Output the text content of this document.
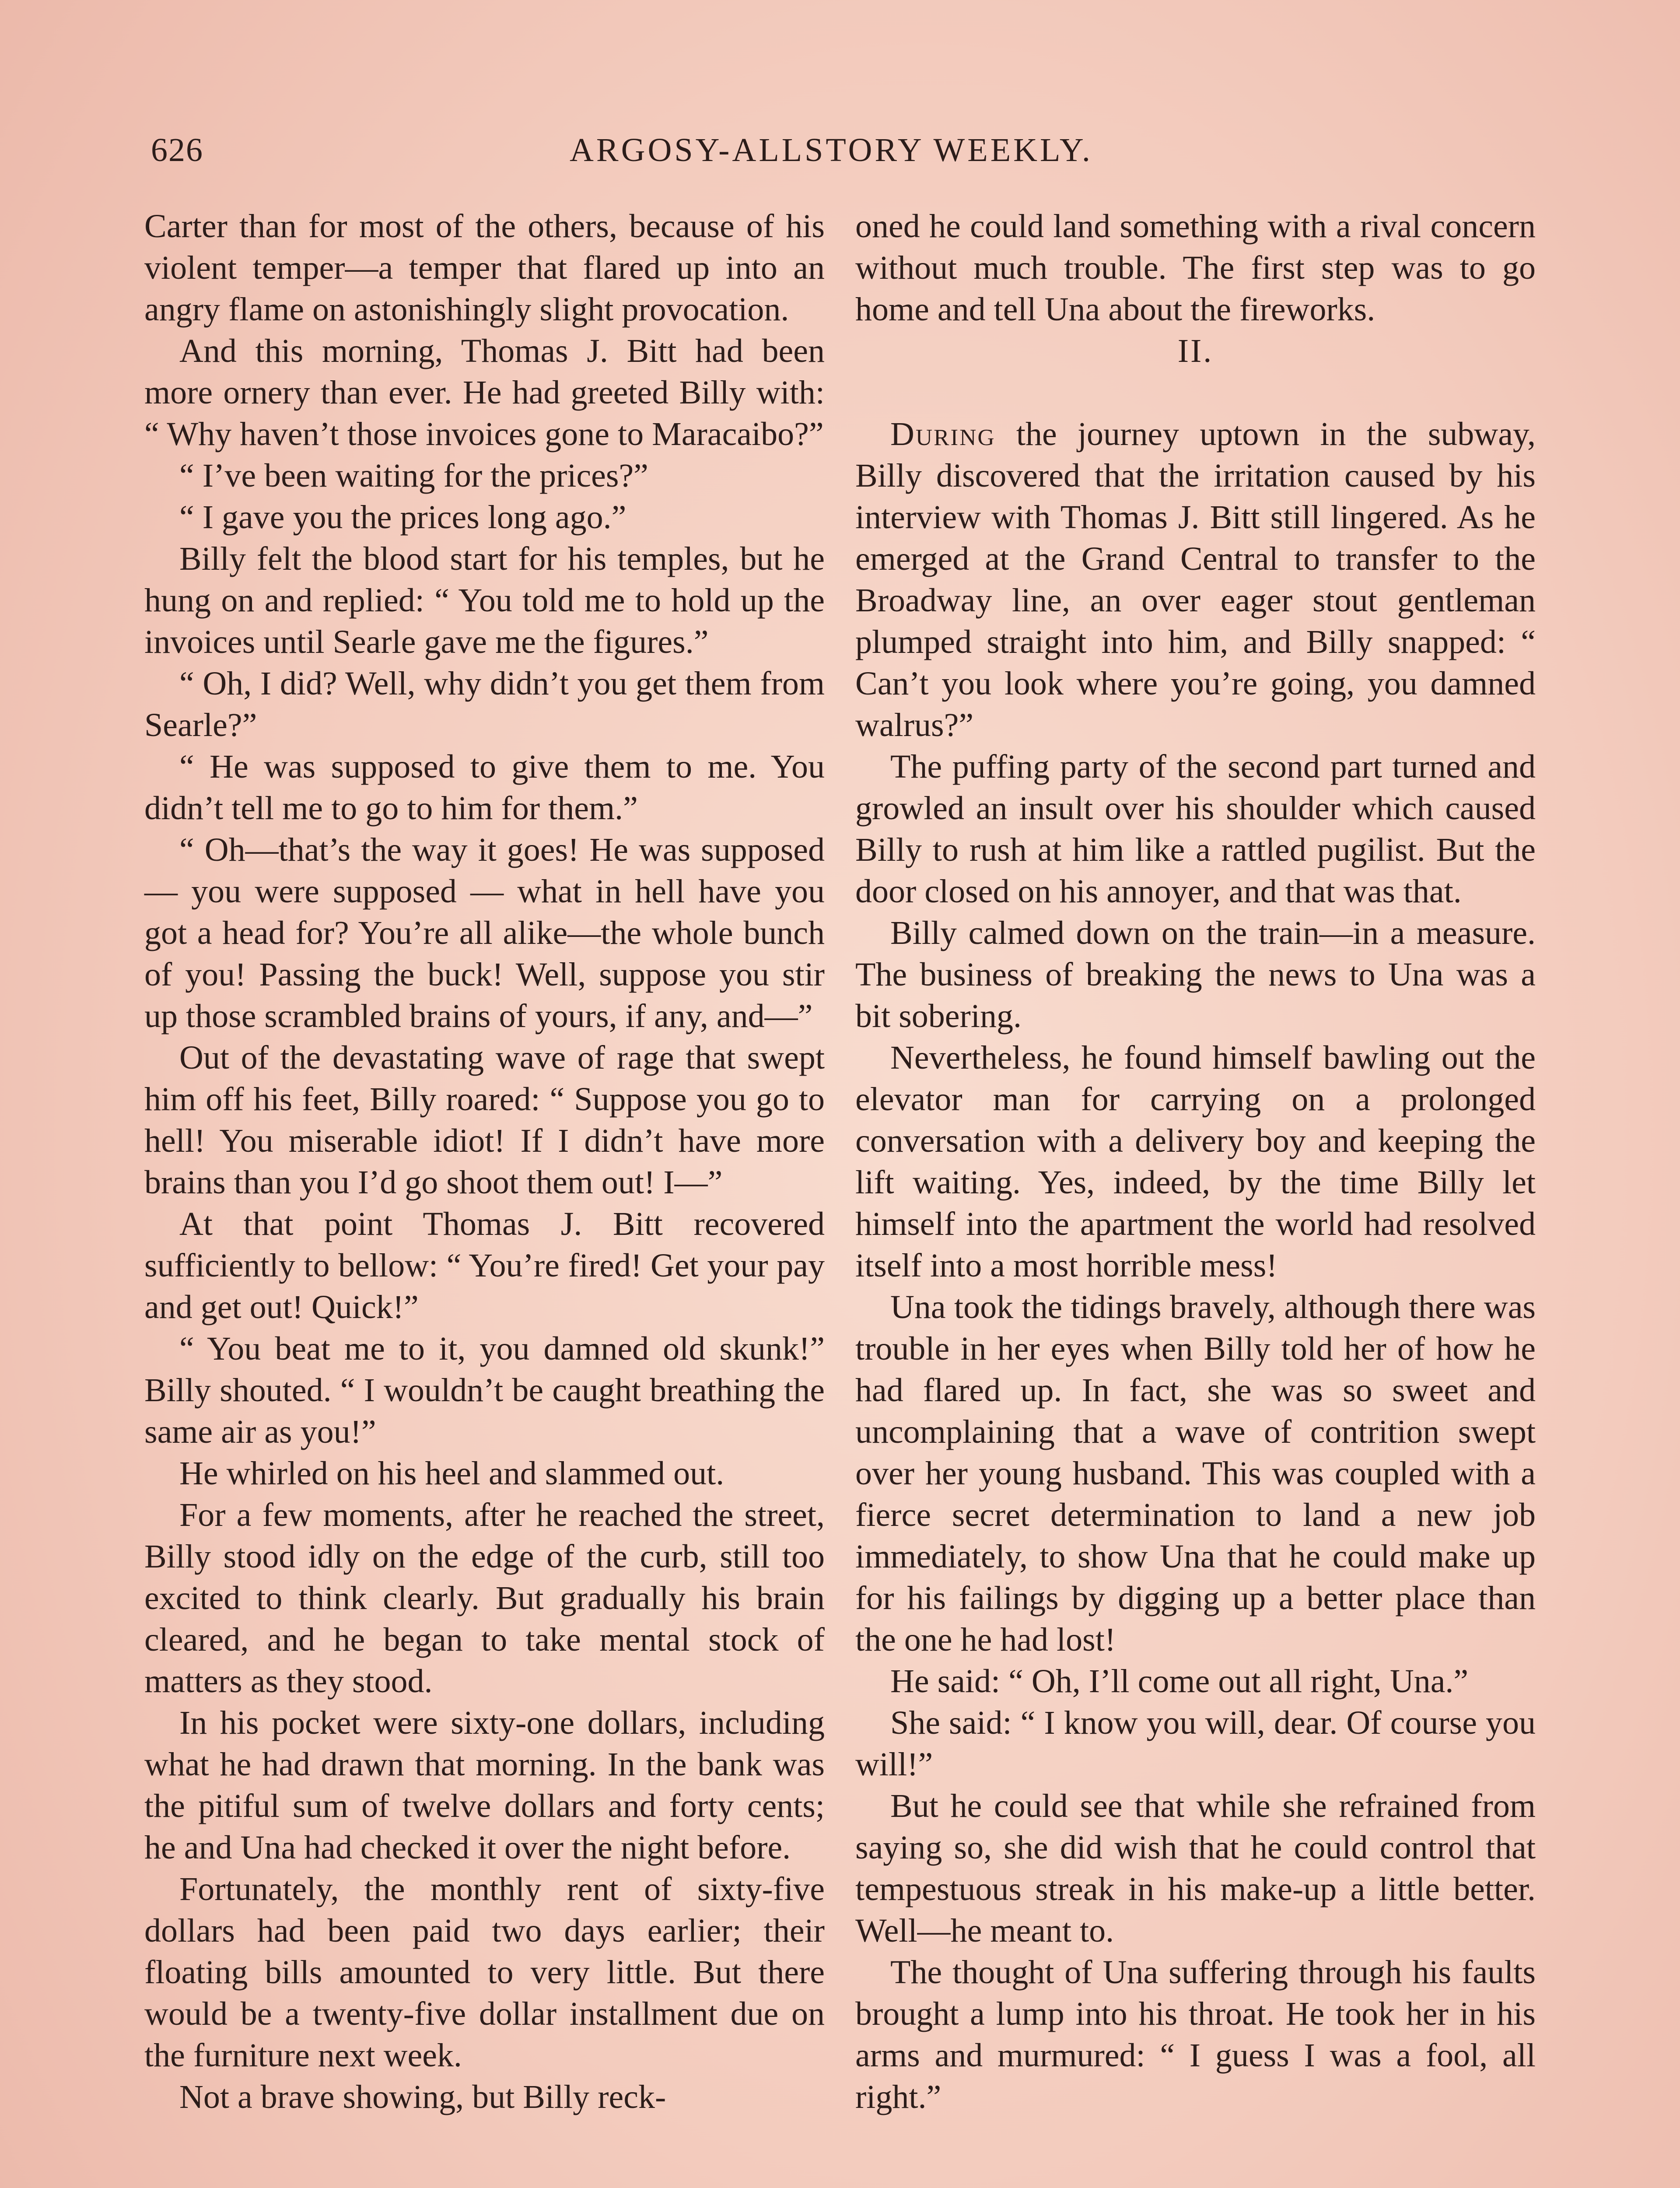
626	ARGOSY-ALLSTORY WEEKLY.

Carter than for most of the others, because of his violent temper—a temper that flared up into an angry flame on astonishingly slight provocation.

And this morning, Thomas J. Bitt had been more ornery than ever. He had greeted Billy with: “ Why haven’t those invoices gone to Maracaibo?”

“ I’ve been waiting for the prices?”

“ I gave you the prices long ago.”

Billy felt the blood start for his temples, but he hung on and replied: “ You told me to hold up the invoices until Searle gave me the figures.”

“ Oh, I did? Well, why didn’t you get them from Searle?”

“ He was supposed to give them to me. You didn’t tell me to go to him for them.”

“ Oh—that’s the way it goes! He was supposed — you were supposed — what in hell have you got a head for? You’re all alike—the whole bunch of you! Passing the buck! Well, suppose you stir up those scrambled brains of yours, if any, and—”

Out of the devastating wave of rage that swept him off his feet, Billy roared: “ Suppose you go to hell! You miserable idiot! If I didn’t have more brains than you I’d go shoot them out! I—”

At that point Thomas J. Bitt recovered sufficiently to bellow: “ You’re fired! Get your pay and get out! Quick!”

“ You beat me to it, you damned old skunk!” Billy shouted. “ I wouldn’t be caught breathing the same air as you!”

He whirled on his heel and slammed out.

For a few moments, after he reached the street, Billy stood idly on the edge of the curb, still too excited to think clearly. But gradually his brain cleared, and he began to take mental stock of matters as they stood.

In his pocket were sixty-one dollars, including what he had drawn that morning. In the bank was the pitiful sum of twelve dollars and forty cents; he and Una had checked it over the night before.

Fortunately, the monthly rent of sixty-five dollars had been paid two days earlier; their floating bills amounted to very little. But there would be a twenty-five dollar installment due on the furniture next week.

Not a brave showing, but Billy reck-

oned he could land something with a rival concern without much trouble. The first step was to go home and tell Una about the fireworks.

II.

During the journey uptown in the subway, Billy discovered that the irritation caused by his interview with Thomas J. Bitt still lingered. As he emerged at the Grand Central to transfer to the Broadway line, an over eager stout gentleman plumped straight into him, and Billy snapped: “ Can’t you look where you’re going, you damned walrus?”

The puffing party of the second part turned and growled an insult over his shoulder which caused Billy to rush at him like a rattled pugilist. But the door closed on his annoyer, and that was that.

Billy calmed down on the train—in a measure. The business of breaking the news to Una was a bit sobering.

Nevertheless, he found himself bawling out the elevator man for carrying on a prolonged conversation with a delivery boy and keeping the lift waiting. Yes, indeed, by the time Billy let himself into the apartment the world had resolved itself into a most horrible mess!

Una took the tidings bravely, although there was trouble in her eyes when Billy told her of how he had flared up. In fact, she was so sweet and uncomplaining that a wave of contrition swept over her young husband. This was coupled with a fierce secret determination to land a new job immediately, to show Una that he could make up for his failings by digging up a better place than the one he had lost!

He said: “ Oh, I’ll come out all right, Una.”

She said: “ I know you will, dear. Of course you will!”

But he could see that while she refrained from saying so, she did wish that he could control that tempestuous streak in his make-up a little better. Well—he meant to.

The thought of Una suffering through his faults brought a lump into his throat. He took her in his arms and murmured: “ I guess I was a fool, all right.”
